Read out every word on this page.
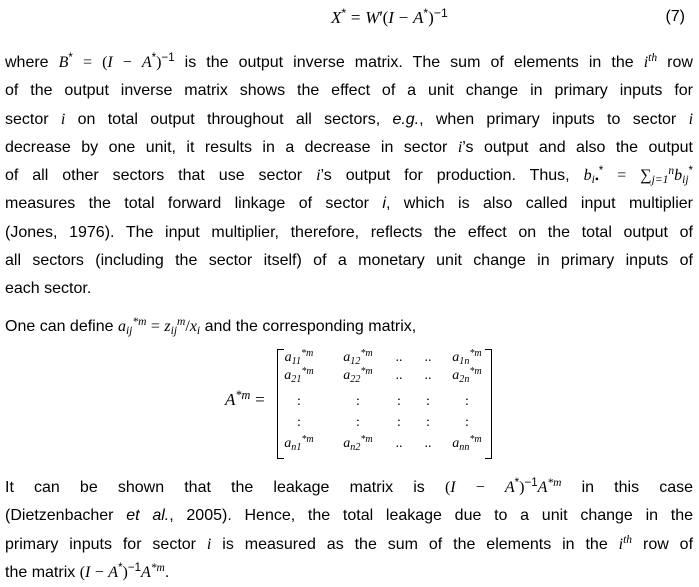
$X^* = W'(I - A^*)^{-1}$	(7)
where $B^* = (I - A^*)^{-1}$ is the output inverse matrix. The sum of elements in the $i^{th}$ row
of the output inverse matrix shows the effect of a unit change in primary inputs for
sector i on total output throughout all sectors, e.g., when primary inputs to sector i
decrease by one unit, it results in a decrease in sector i’s output and also the output
of all other sectors that use sector i’s output for production. Thus, $b_{i•}^* = \sum_{j=1}^nb_{ij}^*$
measures the total forward linkage of sector i, which is also called input multiplier
(Jones, 1976). The input multiplier, therefore, reflects the effect on the total output of
all sectors (including the sector itself) of a monetary unit change in primary inputs of
each sector.
One can define $a_{ij}^{*m} = z_{ij}^m/x_i$ and the corresponding matrix,
$A^{*m}$ =
$a_{11}^{*m}$ $a_{12}^{*m}$	..	..	$a_{1n}^{*m}$
$a_{21}^{*m}$ $a_{22}^{*m}$	..	..	$a_{2n}^{*m}$
:	:	:	:	:
:	:	:	:	:
$a_{n1}^{*m}$ $a_{n2}^{*m}$	..	..	$a_{nn}^{*m}$
It can be shown that the leakage matrix is $(I - A^*)^{-1}A^{*m}$ in this case
(Dietzenbacher et al., 2005). Hence, the total leakage due to a unit change in the
primary inputs for sector i is measured as the sum of the elements in the $i^{th}$ row of
the matrix $(I - A^*)^{-1}A^{*m}$.
